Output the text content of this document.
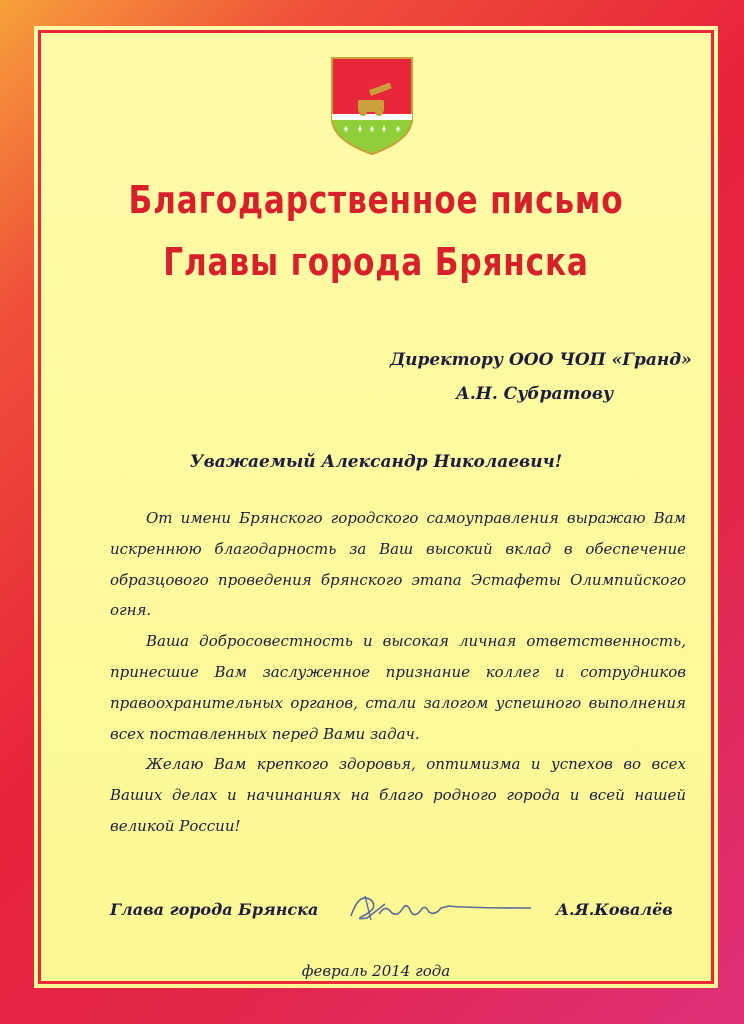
Благодарственное письмо
Главы города Брянска
Директору ООО ЧОП «Гранд»
А.Н. Субратову
Уважаемый Александр Николаевич!

От имени Брянского городского самоуправления выражаю Вам искреннюю благодарность за Ваш высокий вклад в обеспечение образцового проведения брянского этапа Эстафеты Олимпийского огня.

Ваша добросовестность и высокая личная ответственность, принесшие Вам заслуженное признание коллег и сотрудников правоохранительных органов, стали залогом успешного выполнения всех поставленных перед Вами задач.

Желаю Вам крепкого здоровья, оптимизма и успехов во всех Ваших делах и начинаниях на благо родного города и всей нашей великой России!

Глава города Брянска	А.Я.Ковалёв
февраль 2014 года
